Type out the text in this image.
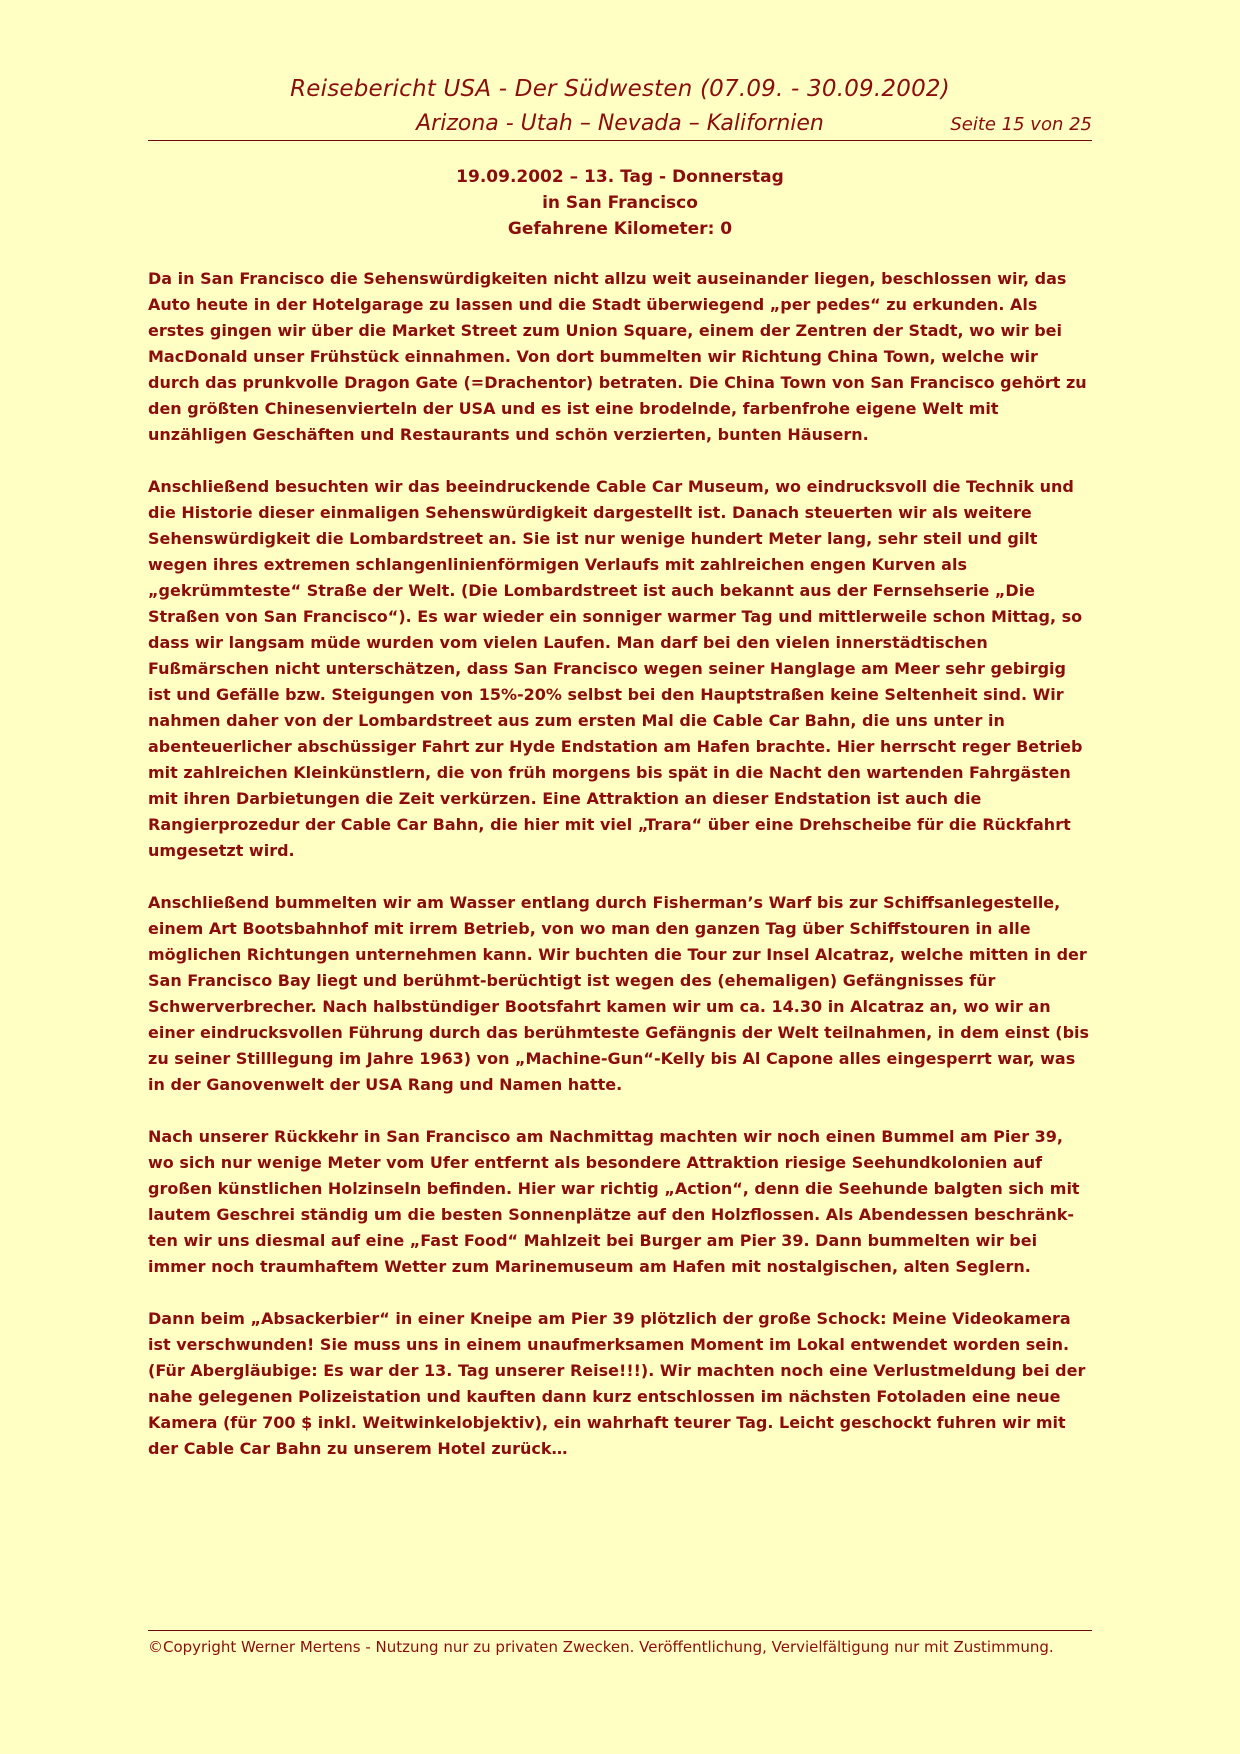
Reisebericht USA - Der Südwesten (07.09. - 30.09.2002)
Arizona - Utah – Nevada – Kalifornien	Seite 15 von 25
19.09.2002 – 13. Tag - Donnerstag
in San Francisco
Gefahrene Kilometer: 0

Da in San Francisco die Sehenswürdigkeiten nicht allzu weit auseinander liegen, beschlossen wir, das Auto heute in der Hotelgarage zu lassen und die Stadt überwiegend „per pedes“ zu erkunden. Als erstes gingen wir über die Market Street zum Union Square, einem der Zentren der Stadt, wo wir bei MacDonald unser Frühstück einnahmen. Von dort bummelten wir Richtung China Town, welche wir durch das prunkvolle Dragon Gate (=Drachentor) betraten. Die China Town von San Francisco gehört zu den größten Chinesenvierteln der USA und es ist eine brodelnde, farbenfrohe eigene Welt mit unzähligen Geschäften und Restaurants und schön verzierten, bunten Häusern.

Anschließend besuchten wir das beeindruckende Cable Car Museum, wo eindrucksvoll die Technik und die Historie dieser einmaligen Sehenswürdigkeit dargestellt ist. Danach steuerten wir als weitere Sehenswürdigkeit die Lombardstreet an. Sie ist nur wenige hundert Meter lang, sehr steil und gilt wegen ihres extremen schlangenlinienförmigen Verlaufs mit zahlreichen engen Kurven als „gekrümmteste“ Straße der Welt. (Die Lombardstreet ist auch bekannt aus der Fernsehserie „Die Straßen von San Francisco“). Es war wieder ein sonniger warmer Tag und mittlerweile schon Mittag, so dass wir langsam müde wurden vom vielen Laufen. Man darf bei den vielen innerstädtischen Fußmärschen nicht unterschätzen, dass San Francisco wegen seiner Hanglage am Meer sehr gebirgig ist und Gefälle bzw. Steigungen von 15%-20% selbst bei den Hauptstraßen keine Seltenheit sind. Wir nahmen daher von der Lombardstreet aus zum ersten Mal die Cable Car Bahn, die uns unter in abenteuerlicher abschüssiger Fahrt zur Hyde Endstation am Hafen brachte. Hier herrscht reger Betrieb mit zahlreichen Kleinkünstlern, die von früh morgens bis spät in die Nacht den wartenden Fahrgästen mit ihren Darbietungen die Zeit verkürzen. Eine Attraktion an dieser Endstation ist auch die Rangierprozedur der Cable Car Bahn, die hier mit viel „Trara“ über eine Drehscheibe für die Rückfahrt umgesetzt wird.

Anschließend bummelten wir am Wasser entlang durch Fisherman’s Warf bis zur Schiffsanlegestelle, einem Art Bootsbahnhof mit irrem Betrieb, von wo man den ganzen Tag über Schiffstouren in alle möglichen Richtungen unternehmen kann. Wir buchten die Tour zur Insel Alcatraz, welche mitten in der San Francisco Bay liegt und berühmt-berüchtigt ist wegen des (ehemaligen) Gefängnisses für Schwerverbrecher. Nach halbstündiger Bootsfahrt kamen wir um ca. 14.30 in Alcatraz an, wo wir an einer eindrucksvollen Führung durch das berühmteste Gefängnis der Welt teilnahmen, in dem einst (bis zu seiner Stilllegung im Jahre 1963) von „Machine-Gun“-Kelly bis Al Capone alles eingesperrt war, was in der Ganovenwelt der USA Rang und Namen hatte.

Nach unserer Rückkehr in San Francisco am Nachmittag machten wir noch einen Bummel am Pier 39, wo sich nur wenige Meter vom Ufer entfernt als besondere Attraktion riesige Seehundkolonien auf großen künstlichen Holzinseln befinden. Hier war richtig „Action“, denn die Seehunde balgten sich mit lautem Geschrei ständig um die besten Sonnenplätze auf den Holzflossen. Als Abendessen beschränk-ten wir uns diesmal auf eine „Fast Food“ Mahlzeit bei Burger am Pier 39. Dann bummelten wir bei immer noch traumhaftem Wetter zum Marinemuseum am Hafen mit nostalgischen, alten Seglern.

Dann beim „Absackerbier“ in einer Kneipe am Pier 39 plötzlich der große Schock: Meine Videokamera ist verschwunden! Sie muss uns in einem unaufmerksamen Moment im Lokal entwendet worden sein. (Für Abergläubige: Es war der 13. Tag unserer Reise!!!). Wir machten noch eine Verlustmeldung bei der nahe gelegenen Polizeistation und kauften dann kurz entschlossen im nächsten Fotoladen eine neue Kamera (für 700 $ inkl. Weitwinkelobjektiv), ein wahrhaft teurer Tag. Leicht geschockt fuhren wir mit der Cable Car Bahn zu unserem Hotel zurück…

©Copyright Werner Mertens - Nutzung nur zu privaten Zwecken. Veröffentlichung, Vervielfältigung nur mit Zustimmung.
